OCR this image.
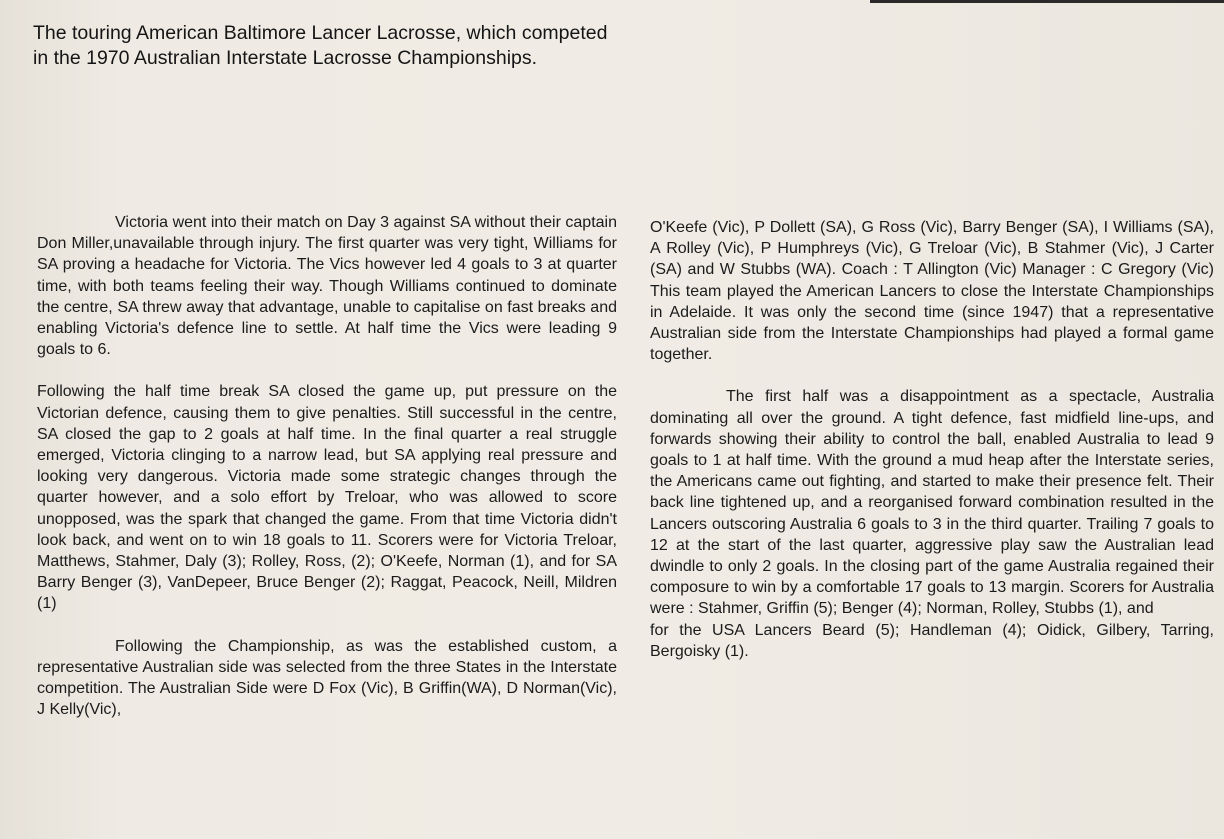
The touring American Baltimore Lancer Lacrosse, which competed in the 1970 Australian Interstate Lacrosse Championships.

Victoria went into their match on Day 3 against SA without their captain Don Miller,unavailable through injury. The first quarter was very tight, Williams for SA proving a headache for Victoria. The Vics however led 4 goals to 3 at quarter time, with both teams feeling their way. Though Williams continued to dominate the centre, SA threw away that advantage, unable to capitalise on fast breaks and enabling Victoria's defence line to settle. At half time the Vics were leading 9 goals to 6.

Following the half time break SA closed the game up, put pressure on the Victorian defence, causing them to give penalties. Still successful in the centre, SA closed the gap to 2 goals at half time. In the final quarter a real struggle emerged, Victoria clinging to a narrow lead, but SA applying real pressure and looking very dangerous. Victoria made some strategic changes through the quarter however, and a solo effort by Treloar, who was allowed to score unopposed, was the spark that changed the game. From that time Victoria didn't look back, and went on to win 18 goals to 11. Scorers were for Victoria Treloar, Matthews, Stahmer, Daly (3); Rolley, Ross, (2); O'Keefe, Norman (1), and for SA Barry Benger (3), VanDepeer, Bruce Benger (2); Raggat, Peacock, Neill, Mildren (1)

Following the Championship, as was the established custom, a representative Australian side was selected from the three States in the Interstate competition. The Australian Side were D Fox (Vic), B Griffin(WA), D Norman(Vic), J Kelly(Vic),

O'Keefe (Vic), P Dollett (SA), G Ross (Vic), Barry Benger (SA), I Williams (SA), A Rolley (Vic), P Humphreys (Vic), G Treloar (Vic), B Stahmer (Vic), J Carter (SA) and W Stubbs (WA). Coach : T Allington (Vic) Manager : C Gregory (Vic) This team played the American Lancers to close the Interstate Championships in Adelaide. It was only the second time (since 1947) that a representative Australian side from the Interstate Championships had played a formal game together.

The first half was a disappointment as a spectacle, Australia dominating all over the ground. A tight defence, fast midfield line-ups, and forwards showing their ability to control the ball, enabled Australia to lead 9 goals to 1 at half time. With the ground a mud heap after the Interstate series, the Americans came out fighting, and started to make their presence felt. Their back line tightened up, and a reorganised forward combination resulted in the Lancers outscoring Australia 6 goals to 3 in the third quarter. Trailing 7 goals to 12 at the start of the last quarter, aggressive play saw the Australian lead dwindle to only 2 goals. In the closing part of the game Australia regained their composure to win by a comfortable 17 goals to 13 margin. Scorers for Australia were : Stahmer, Griffin (5); Benger (4); Norman, Rolley, Stubbs (1), and

for the USA Lancers Beard (5); Handleman (4); Oidick, Gilbery, Tarring, Bergoisky (1).
